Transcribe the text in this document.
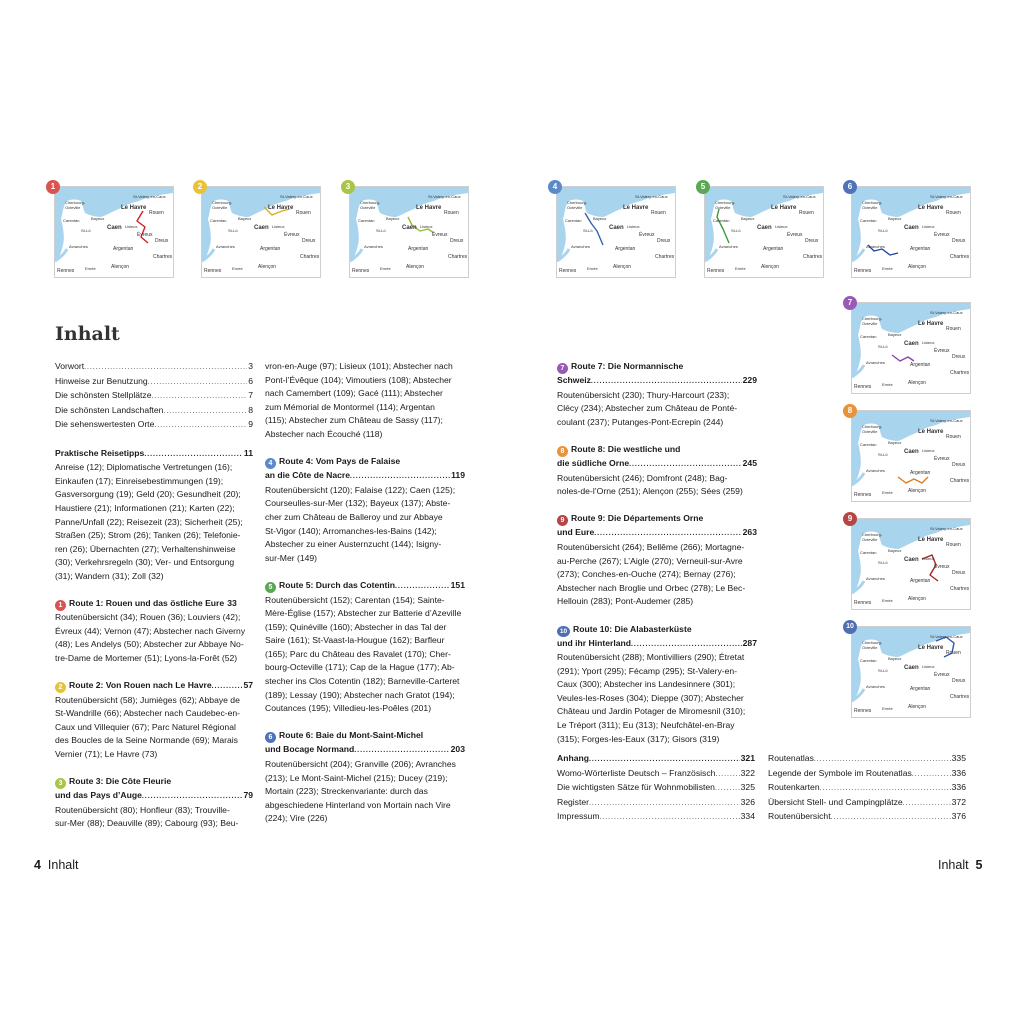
St-Valery-en-Caux
Cherbourg-
Octeville	Le Havre
Rouen
Carentan	Bayeux
Caen Lisieux
Évreux
St-Lô
Dreux
Avranches	Argentan
Chartres
Rennes	Ernée	Alençon
1
St-Valery-en-Caux
Cherbourg-
Octeville	Le Havre
Rouen
Carentan	Bayeux
Caen Lisieux
Évreux
St-Lô
Dreux
Avranches	Argentan
Chartres
Rennes	Ernée	Alençon
2
St-Valery-en-Caux
Cherbourg-
Octeville	Le Havre
Rouen
Carentan	Bayeux
Caen Lisieux
Évreux
St-Lô
Dreux
Avranches	Argentan
Chartres
Rennes	Ernée	Alençon
3
St-Valery-en-Caux
Cherbourg-
Octeville	Le Havre
Rouen
Carentan	Bayeux
Caen Lisieux
Évreux
St-Lô
Dreux
Avranches	Argentan
Chartres
Rennes	Ernée	Alençon
4
St-Valery-en-Caux
Cherbourg-
Octeville	Le Havre
Rouen
Carentan	Bayeux
Caen Lisieux
Évreux
St-Lô
Dreux
Avranches	Argentan
Chartres
Rennes	Ernée	Alençon
5
St-Valery-en-Caux
Cherbourg-
Octeville	Le Havre
Rouen
Carentan	Bayeux
Caen Lisieux
Évreux
St-Lô
Dreux
Avranches	Argentan
Chartres
Rennes	Ernée	Alençon
6
St-Valery-en-Caux
Cherbourg-
Octeville	Le Havre
Rouen
Carentan	Bayeux
Caen Lisieux
Évreux
St-Lô
Dreux
Avranches	Argentan
Chartres
Rennes	Ernée	Alençon
7
St-Valery-en-Caux
Cherbourg-
Octeville	Le Havre
Rouen
Carentan	Bayeux
Caen Lisieux
Évreux
St-Lô
Dreux
Avranches	Argentan
Chartres
Rennes	Ernée	Alençon
8
St-Valery-en-Caux
Cherbourg-
Octeville	Le Havre
Rouen
Carentan	Bayeux
Caen Lisieux
Évreux
St-Lô
Dreux
Avranches	Argentan
Chartres
Rennes	Ernée	Alençon
9
St-Valery-en-Caux
Cherbourg-
Octeville	Le Havre
Rouen
Carentan	Bayeux
Caen Lisieux
Évreux
St-Lô
Dreux
Avranches	Argentan
Chartres
Rennes	Ernée	Alençon
10
Inhalt
Vorwort . . .	3
Hinweise zur Benutzung . . .	6
Die schönsten Stellplätze . . .	7
Die schönsten Landschaften . . .	8
Die sehenswertesten Orte . . .	9
Praktische Reisetipps . . .	11
Anreise (12); Diplomatische Vertretungen (16);
Einkaufen (17); Einreisebestimmungen (19);
Gasversorgung (19); Geld (20); Gesundheit (20);
Haustiere (21); Informationen (21); Karten (22);
Panne/Unfall (22); Reisezeit (23); Sicherheit (25);
Straßen (25); Strom (26); Tanken (26); Telefonie-
ren (26); Übernachten (27); Verhaltenshinweise
(30); Verkehrsregeln (30); Ver- und Entsorgung
(31); Wandern (31); Zoll (32)
1 Route 1: Rouen und das östliche Eure 33
Routenübersicht (34); Rouen (36); Louviers (42);
Évreux (44); Vernon (47); Abstecher nach Giverny
(48); Les Andelys (50); Abstecher zur Abbaye No-
tre-Dame de Mortemer (51); Lyons-la-Forêt (52)
2 Route 2: Von Rouen nach Le Havre . . .	57
Routenübersicht (58); Jumièges (62); Abbaye de
St-Wandrille (66); Abstecher nach Caudebec-en-
Caux und Villequier (67); Parc Naturel Régional
des Boucles de la Seine Normande (69); Marais
Vernier (71); Le Havre (73)
3 Route 3: Die Côte Fleurie
und das Pays d’Auge . . .	79
Routenübersicht (80); Honfleur (83); Trouville-
sur-Mer (88); Deauville (89); Cabourg (93); Beu-
vron-en-Auge (97); Lisieux (101); Abstecher nach
Pont-l’Évêque (104); Vimoutiers (108); Abstecher
nach Camembert (109); Gacé (111); Abstecher
zum Mémorial de Montormel (114); Argentan
(115); Abstecher zum Château de Sassy (117);
Abstecher nach Écouché (118)
4 Route 4: Vom Pays de Falaise
an die Côte de Nacre . . .	119
Routenübersicht (120); Falaise (122); Caen (125);
Courseulles-sur-Mer (132); Bayeux (137); Abste-
cher zum Château de Balleroy und zur Abbaye
St-Vigor (140); Arromanches-les-Bains (142);
Abstecher zu einer Austernzucht (144); Isigny-
sur-Mer (149)
5 Route 5: Durch das Cotentin . . .	151
Routenübersicht (152); Carentan (154); Sainte-
Mère-Église (157); Abstecher zur Batterie d’Azeville
(159); Quinéville (160); Abstecher in das Tal der
Saire (161); St-Vaast-la-Hougue (162); Barfleur
(165); Parc du Château des Ravalet (170); Cher-
bourg-Octeville (171); Cap de la Hague (177); Ab-
stecher ins Clos Cotentin (182); Barneville-Carteret
(189); Lessay (190); Abstecher nach Gratot (194);
Coutances (195); Villedieu-les-Poêles (201)
6 Route 6: Baie du Mont-Saint-Michel
und Bocage Normand . . .	203
Routenübersicht (204); Granville (206); Avranches
(213); Le Mont-Saint-Michel (215); Ducey (219);
Mortain (223); Streckenvariante: durch das
abgeschiedene Hinterland von Mortain nach Vire
(224); Vire (226)
7 Route 7: Die Normannische
Schweiz . . .	229
Routenübersicht (230); Thury-Harcourt (233);
Clécy (234); Abstecher zum Château de Ponté-
coulant (237); Putanges-Pont-Ecrepin (244)
8 Route 8: Die westliche und
die südliche Orne . . .	245
Routenübersicht (246); Domfront (248); Bag-
noles-de-l’Orne (251); Alençon (255); Sées (259)
9 Route 9: Die Départements Orne
und Eure . . .	263
Routenübersicht (264); Bellême (266); Mortagne-
au-Perche (267); L’Aigle (270); Verneuil-sur-Avre
(273); Conches-en-Ouche (274); Bernay (276);
Abstecher nach Broglie und Orbec (278); Le Bec-
Hellouin (283); Pont-Audemer (285)
10 Route 10: Die Alabasterküste
und ihr Hinterland . . .	287
Routenübersicht (288); Montivilliers (290); Étretat
(291); Yport (295); Fécamp (295); St-Valery-en-
Caux (300); Abstecher ins Landesinnere (301);
Veules-les-Roses (304); Dieppe (307); Abstecher
Château und Jardin Potager de Miromesnil (310);
Le Tréport (311); Eu (313); Neufchâtel-en-Bray
(315); Forges-les-Eaux (317); Gisors (319)
Anhang . . .	321
Womo-Wörterliste Deutsch – Französisch . . .	322
Die wichtigsten Sätze für Wohnmobilisten . . .	325
Register . . .	326
Impressum . . .	334
Routenatlas . . .	335
Legende der Symbole im Routenatlas . . .	336
Routenkarten . . .	336
Übersicht Stell- und Campingplätze . . .	372
Routenübersicht . . .	376
4 Inhalt	Inhalt 5
